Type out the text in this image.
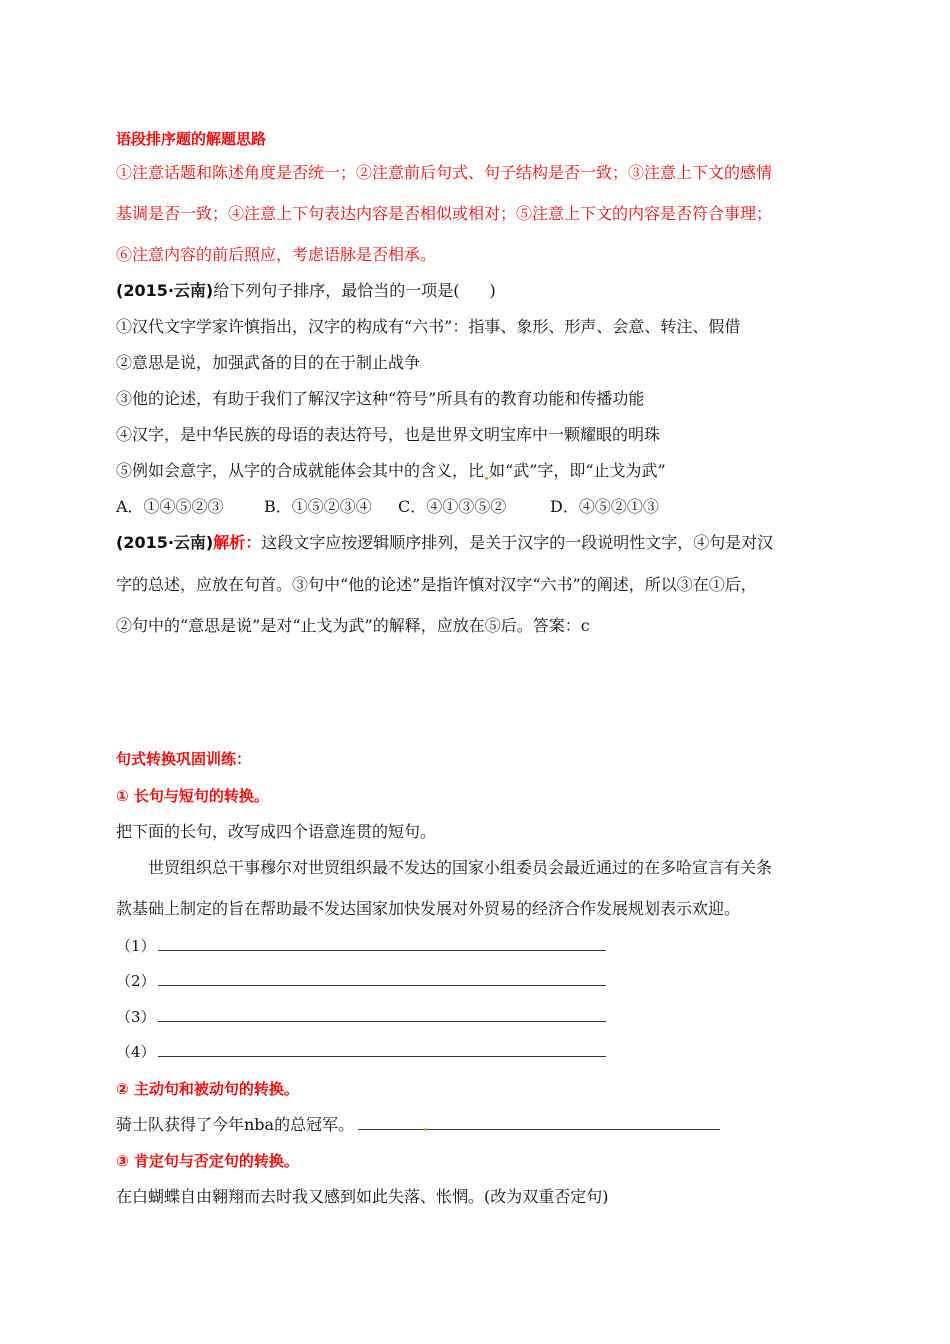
语段排序题的解题思路
①注意话题和陈述角度是否统一；②注意前后句式、句子结构是否一致；③注意上下文的感情
基调是否一致；④注意上下句表达内容是否相似或相对；⑤注意上下文的内容是否符合事理；
⑥注意内容的前后照应，考虑语脉是否相承。
(2015·云南)给下列句子排序，最恰当的一项是( )
①汉代文字学家许慎指出，汉字的构成有“六书”：指事、象形、形声、会意、转注、假借
②意思是说，加强武备的目的在于制止战争
③他的论述，有助于我们了解汉字这种“符号”所具有的教育功能和传播功能
④汉字，是中华民族的母语的表达符号，也是世界文明宝库中一颗耀眼的明珠
⑤例如会意字，从字的合成就能体会其中的含义，比 如“武”字，即“止戈为武”
A．①④⑤②③	B．①⑤②③④ C．④①③⑤②	D．④⑤②①③
(2015·云南)解析：这段文字应按逻辑顺序排列，是关于汉字的一段说明性文字，④句是对汉
字的总述，应放在句首。③句中“他的论述”是指许慎对汉字“六书”的阐述，所以③在①后，
②句中的“意思是说”是对“止戈为武”的解释，应放在⑤后。答案：c
句式转换巩固训练：
① 长句与短句的转换。
把下面的长句，改写成四个语意连贯的短句。
世贸组织总干事穆尔对世贸组织最不发达的国家小组委员会最近通过的在多哈宣言有关条
款基础上制定的旨在帮助最不发达国家加快发展对外贸易的经济合作发展规划表示欢迎。
（1）
（2）
（3）
（4）
② 主动句和被动句的转换。
骑士队获得了今年nba的总冠军。
③ 肯定句与否定句的转换。
在白蝴蝶自由翱翔而去时我又感到如此失落、怅惘。(改为双重否定句)
